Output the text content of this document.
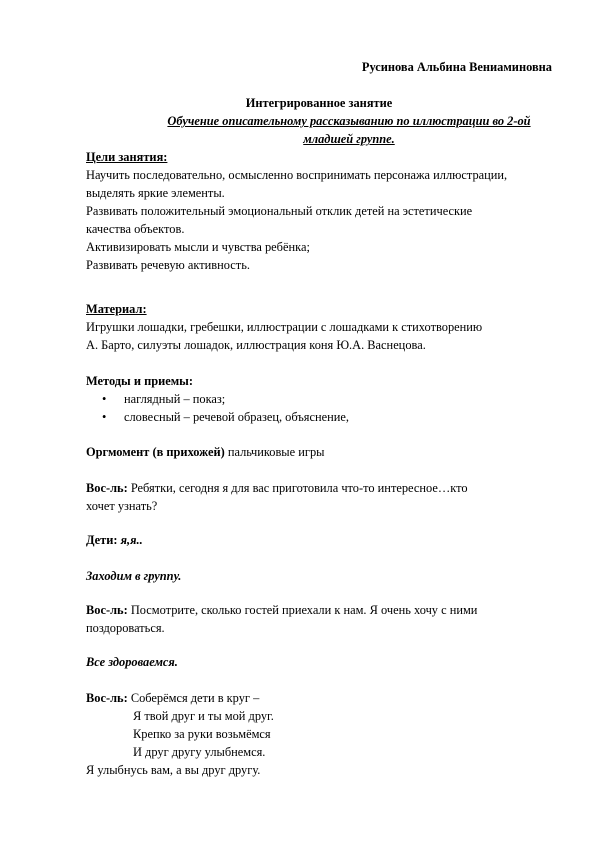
Русинова Альбина Вениаминовна
Интегрированное занятие
Обучение описательному рассказыванию по иллюстрации во 2-ой
младшей группе.
Цели занятия:
Научить последовательно, осмысленно воспринимать персонажа иллюстрации,
выделять яркие элементы.
Развивать положительный эмоциональный отклик детей на эстетические
качества объектов.
Активизировать мысли и чувства ребёнка;
Развивать речевую активность.
Материал:
Игрушки лошадки, гребешки, иллюстрации с лошадками к стихотворению
А. Барто, силуэты лошадок, иллюстрация коня Ю.А. Васнецова.
Методы и приемы:
• наглядный – показ;
• словесный – речевой образец, объяснение,
Оргмомент (в прихожей) пальчиковые игры
Вос-ль: Ребятки, сегодня я для вас приготовила что-то интересное…кто
хочет узнать?
Дети: я,я..
Заходим в группу.
Вос-ль: Посмотрите, сколько гостей приехали к нам. Я очень хочу с ними
поздороваться.
Все здороваемся.
Вос-ль: Соберёмся дети в круг –
Я твой друг и ты мой друг.
Крепко за руки возьмёмся
И друг другу улыбнемся.
Я улыбнусь вам, а вы друг другу.
